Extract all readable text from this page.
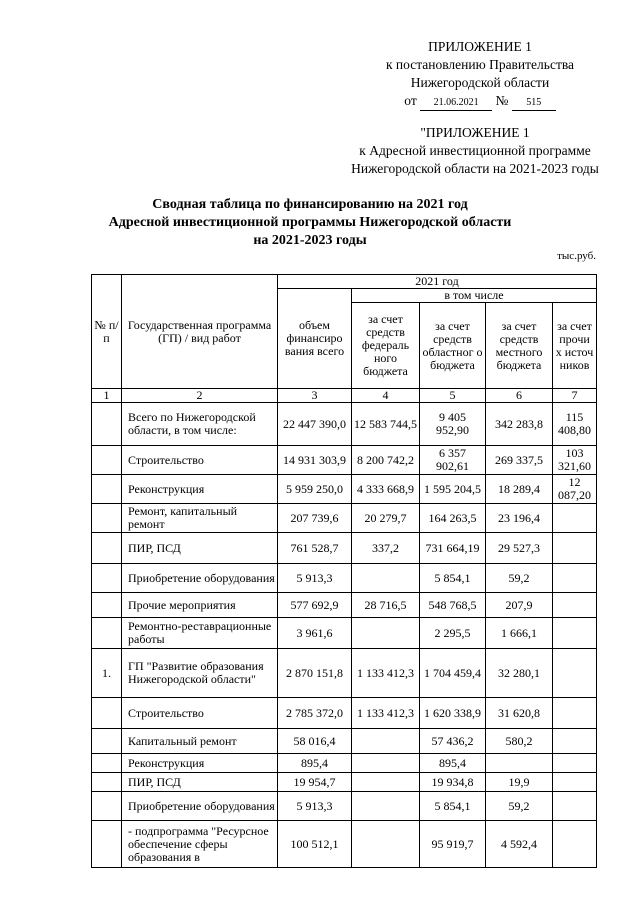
ПРИЛОЖЕНИЕ 1
к постановлению Правительства
Нижегородской области
от 21.06.2021 № 515
"ПРИЛОЖЕНИЕ 1
к Адресной инвестиционной программе
Нижегородской области на 2021-2023 годы
Сводная таблица по финансированию на 2021 год
Адресной инвестиционной программы Нижегородской области
на 2021-2023 годы
тыс.руб.
№ п/п	Государственная программа (ГП) / вид работ	2021 год				
		объем финансиро вания всего	в том числе			
			за счет средств федераль ного бюджета	за счет средств областног о бюджета	за счет средств местного бюджета	за счет прочи х источ ников
1	2	3	4	5	6	7
	Всего по Нижегородской области, в том числе:	22 447 390,0	12 583 744,5	9 405 952,90	342 283,8	115 408,80
	Строительство	14 931 303,9	8 200 742,2	6 357 902,61	269 337,5	103 321,60
	Реконструкция	5 959 250,0	4 333 668,9	1 595 204,5	18 289,4	12 087,20
	Ремонт, капитальный ремонт	207 739,6	20 279,7	164 263,5	23 196,4	
	ПИР, ПСД	761 528,7	337,2	731 664,19	29 527,3	
	Приобретение оборудования	5 913,3		5 854,1	59,2	
	Прочие мероприятия	577 692,9	28 716,5	548 768,5	207,9	
	Ремонтно-реставрационные работы	3 961,6		2 295,5	1 666,1	
1.	ГП "Развитие образования Нижегородской области"	2 870 151,8	1 133 412,3	1 704 459,4	32 280,1	
	Строительство	2 785 372,0	1 133 412,3	1 620 338,9	31 620,8	
	Капитальный ремонт	58 016,4		57 436,2	580,2	
	Реконструкция	895,4		895,4		
	ПИР, ПСД	19 954,7		19 934,8	19,9	
	Приобретение оборудования	5 913,3		5 854,1	59,2	
	- подпрограмма "Ресурсное обеспечение сферы образования в	100 512,1		95 919,7	4 592,4	
